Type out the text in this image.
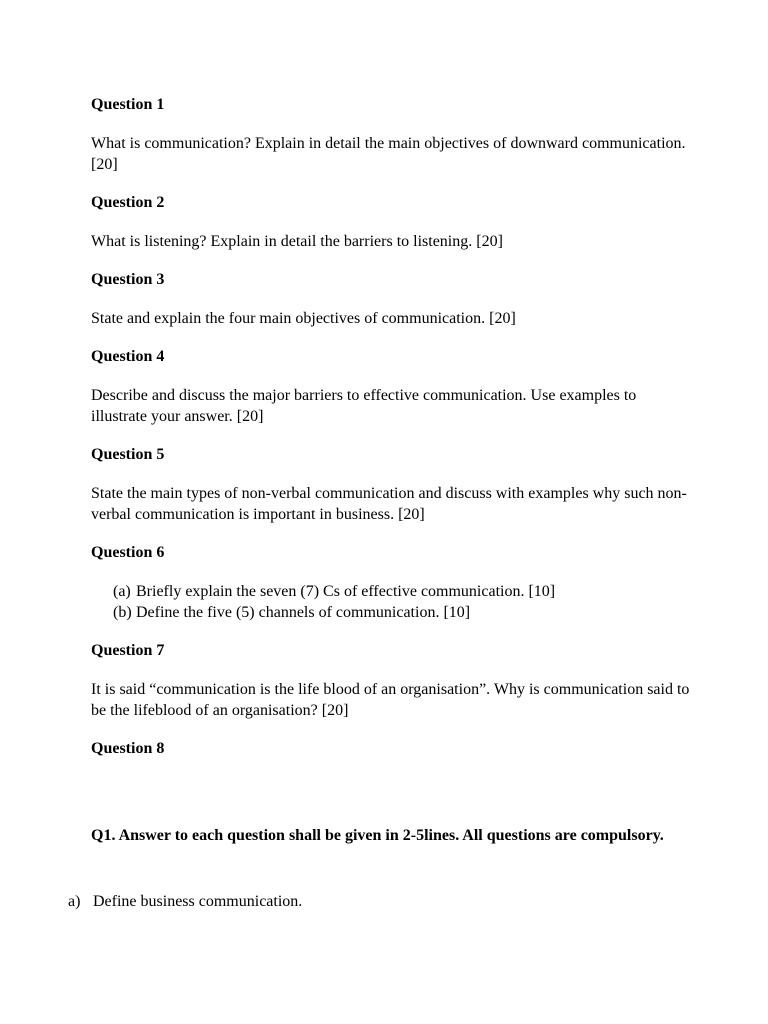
Question 1
What is communication? Explain in detail the main objectives of downward communication. [20]
Question 2
What is listening? Explain in detail the barriers to listening. [20]
Question 3
State and explain the four main objectives of communication. [20]
Question 4
Describe and discuss the major barriers to effective communication. Use examples to illustrate your answer. [20]
Question 5
State the main types of non-verbal communication and discuss with examples why such non-verbal communication is important in business. [20]
Question 6
(a) Briefly explain the seven (7) Cs of effective communication. [10]
(b) Define the five (5) channels of communication. [10]
Question 7
It is said “communication is the life blood of an organisation”. Why is communication said to be the lifeblood of an organisation? [20]
Question 8
Q1. Answer to each question shall be given in 2-5lines. All questions are compulsory.
a) Define business communication.
